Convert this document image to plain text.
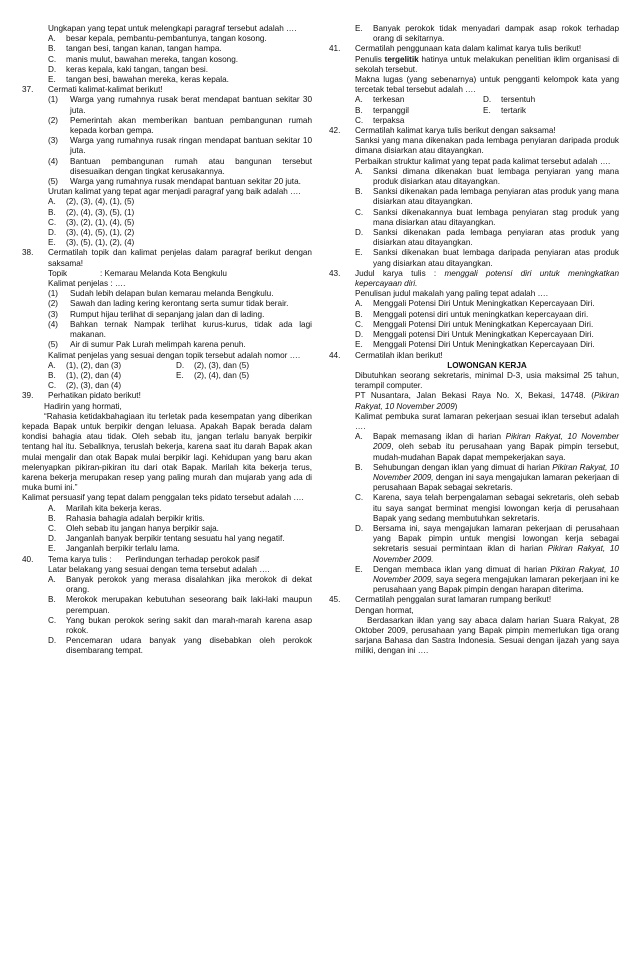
Ungkapan yang tepat untuk melengkapi paragraf tersebut adalah ….

A.	besar kepala, pembantu-pembantunya, tangan kosong.
B.	tangan besi, tangan kanan, tangan hampa.
C.	manis mulut, bawahan mereka, tangan kosong.
D.	keras kepala, kaki tangan, tangan besi.
E.	tangan besi, bawahan mereka, keras kepala.
37.	Cermati kalimat-kalimat berikut!
(1)	Warga yang rumahnya rusak berat mendapat bantuan sekitar 30 juta.
(2)	Pemerintah akan memberikan bantuan pembangunan rumah kepada korban gempa.
(3)	Warga yang rumahnya rusak ringan mendapat bantuan sekitar 10 juta.
(4)	Bantuan pembangunan rumah atau bangunan tersebut disesuaikan dengan tingkat kerusakannya.
(5)	Warga yang rumahnya rusak mendapat bantuan sekitar 20 juta.

Urutan kalimat yang tepat agar menjadi paragraf yang baik adalah ….

A.	(2), (3), (4), (1), (5)
B.	(2), (4), (3), (5), (1)
C.	(3), (2), (1), (4), (5)
D.	(3), (4), (5), (1), (2)
E.	(3), (5), (1), (2), (4)
38.	Cermatilah topik dan kalimat penjelas dalam paragraf berikut dengan saksama!
Topik	: Kemarau Melanda Kota Bengkulu

Kalimat penjelas : ….

(1)	Sudah lebih delapan bulan kemarau melanda Bengkulu.
(2)	Sawah dan lading kering kerontang serta sumur tidak berair.
(3)	Rumput hijau terlihat di sepanjang jalan dan di lading.
(4)	Bahkan ternak Nampak terlihat kurus-kurus, tidak ada lagi makanan.
(5)	Air di sumur Pak Lurah melimpah karena penuh.

Kalimat penjelas yang sesuai dengan topik tersebut adalah nomor ….

A.	(1), (2), dan (3)	D.	(2), (3), dan (5)
B.	(1), (2), dan (4)	E.	(2), (4), dan (5)
C.	(2), (3), dan (4)
39.	Perhatikan pidato berikut!

Hadirin yang hormati,

“Rahasia ketidakbahagiaan itu terletak pada kesempatan yang diberikan kepada Bapak untuk berpikir dengan leluasa. Apakah Bapak berada dalam kondisi bahagia atau tidak. Oleh sebab itu, jangan terlalu banyak berpikir tentang hal itu. Sebaliknya, teruslah bekerja, karena saat itu darah Bapak akan mulai mengalir dan otak Bapak mulai berpikir lagi. Kehidupan yang baru akan melenyapkan pikiran-pikiran itu dari otak Bapak. Marilah kita bekerja terus, karena bekerja merupakan resep yang paling murah dan mujarab yang ada di muka bumi ini.”

Kalimat persuasif yang tepat dalam penggalan teks pidato tersebut adalah ….

A.	Marilah kita bekerja keras.
B.	Rahasia bahagia adalah berpikir kritis.
C.	Oleh sebab itu jangan hanya berpikir saja.
D.	Janganlah banyak berpikir tentang sesuatu hal yang negatif.
E.	Janganlah berpikir terlalu lama.
40.	Tema karya tulis :      Perlindungan terhadap perokok pasif

Latar belakang yang sesuai dengan tema tersebut adalah ….

A.	Banyak perokok yang merasa disalahkan jika merokok di dekat orang.
B.	Merokok merupakan kebutuhan seseorang baik laki-laki maupun perempuan.
C.	Yang bukan perokok sering sakit dan marah-marah karena asap rokok.
D.	Pencemaran udara banyak yang disebabkan oleh perokok disembarang tempat.
E.	Banyak perokok tidak menyadari dampak asap rokok terhadap orang di sekitarnya.
41.	Cermatilah penggunaan kata dalam kalimat karya tulis berikut!

Penulis tergelitik hatinya untuk melakukan penelitian iklim organisasi di sekolah tersebut.

Makna lugas (yang sebenarnya) untuk pengganti kelompok kata yang tercetak tebal tersebut adalah ….

A.	terkesan	D.	tersentuh
B.	terpanggil	E.	tertarik
C.	terpaksa
42.	Cermatilah kalimat karya tulis berikut dengan saksama!

Sanksi yang mana dikenakan pada lembaga penyiaran daripada produk dimana disiarkan atau ditayangkan.

Perbaikan struktur kalimat yang tepat pada kalimat tersebut adalah ….

A.	Sanksi dimana dikenakan buat lembaga penyiaran yang mana produk disiarkan atau ditayangkan.
B.	Sanksi dikenakan pada lembaga penyiaran atas produk yang mana disiarkan atau ditayangkan.
C.	Sanksi dikenakannya buat lembaga penyiaran stag produk yang mana disiarkan atau ditayangkan.
D.	Sanksi dikenakan pada lembaga penyiaran atas produk yang disiarkan atau ditayangkan.
E.	Sanksi dikenakan buat lembaga daripada penyiaran atas produk yang disiarkan atau ditayangkan.
43.	Judul karya tulis : menggali potensi diri untuk meningkatkan kepercayaan diri.

Penulisan judul makalah yang paling tepat adalah ….

A.	Menggali Potensi Diri Untuk Meningkatkan Kepercayaan Diri.
B.	Menggali potensi diri untuk meningkatkan kepercayaan diri.
C.	Menggali Potensi Diri untuk Meningkatkan Kepercayaan Diri.
D.	Menggali potensi Diri Untuk Meningkatkan Kepercayaan Diri.
E.	Menggali Potensi Diri Untuk Meningkatkan Kepercayaan Diri.
44.	Cermatilah iklan berikut!
LOWONGAN KERJA

Dibutuhkan seorang sekretaris, minimal D-3, usia maksimal 25 tahun, terampil computer.

PT Nusantara, Jalan Bekasi Raya No. X, Bekasi, 14748. (Pikiran Rakyat, 10 November 2009)

Kalimat pembuka surat lamaran pekerjaan sesuai iklan tersebut adalah ….

A.	Bapak memasang iklan di harian Pikiran Rakyat, 10 November 2009, oleh sebab itu perusahaan yang Bapak pimpin tersebut, mudah-mudahan Bapak dapat mempekerjakan saya.
B.	Sehubungan dengan iklan yang dimuat di harian Pikiran Rakyat, 10 November 2009, dengan ini saya mengajukan lamaran pekerjaan di perusahaan Bapak sebagai sekretaris.
C.	Karena, saya telah berpengalaman sebagai sekretaris, oleh sebab itu saya sangat berminat mengisi lowongan kerja di perusahaan Bapak yang sedang membutuhkan sekretaris.
D.	Bersama ini, saya mengajukan lamaran pekerjaan di perusahaan yang Bapak pimpin untuk mengisi lowongan kerja sebagai sekretaris sesuai permintaan iklan di harian Pikiran Rakyat, 10 November 2009.
E.	Dengan membaca iklan yang dimuat di harian Pikiran Rakyat, 10 November 2009, saya segera mengajukan lamaran pekerjaan ini ke perusahaan yang Bapak pimpin dengan harapan diterima.
45.	Cermatilah penggalan surat lamaran rumpang berikut!

Dengan hormat,

Berdasarkan iklan yang say abaca dalam harian Suara Rakyat, 28 Oktober 2009, perusahaan yang Bapak pimpin memerlukan tiga orang sarjana Bahasa dan Sastra Indonesia. Sesuai dengan ijazah yang saya miliki, dengan ini ….
